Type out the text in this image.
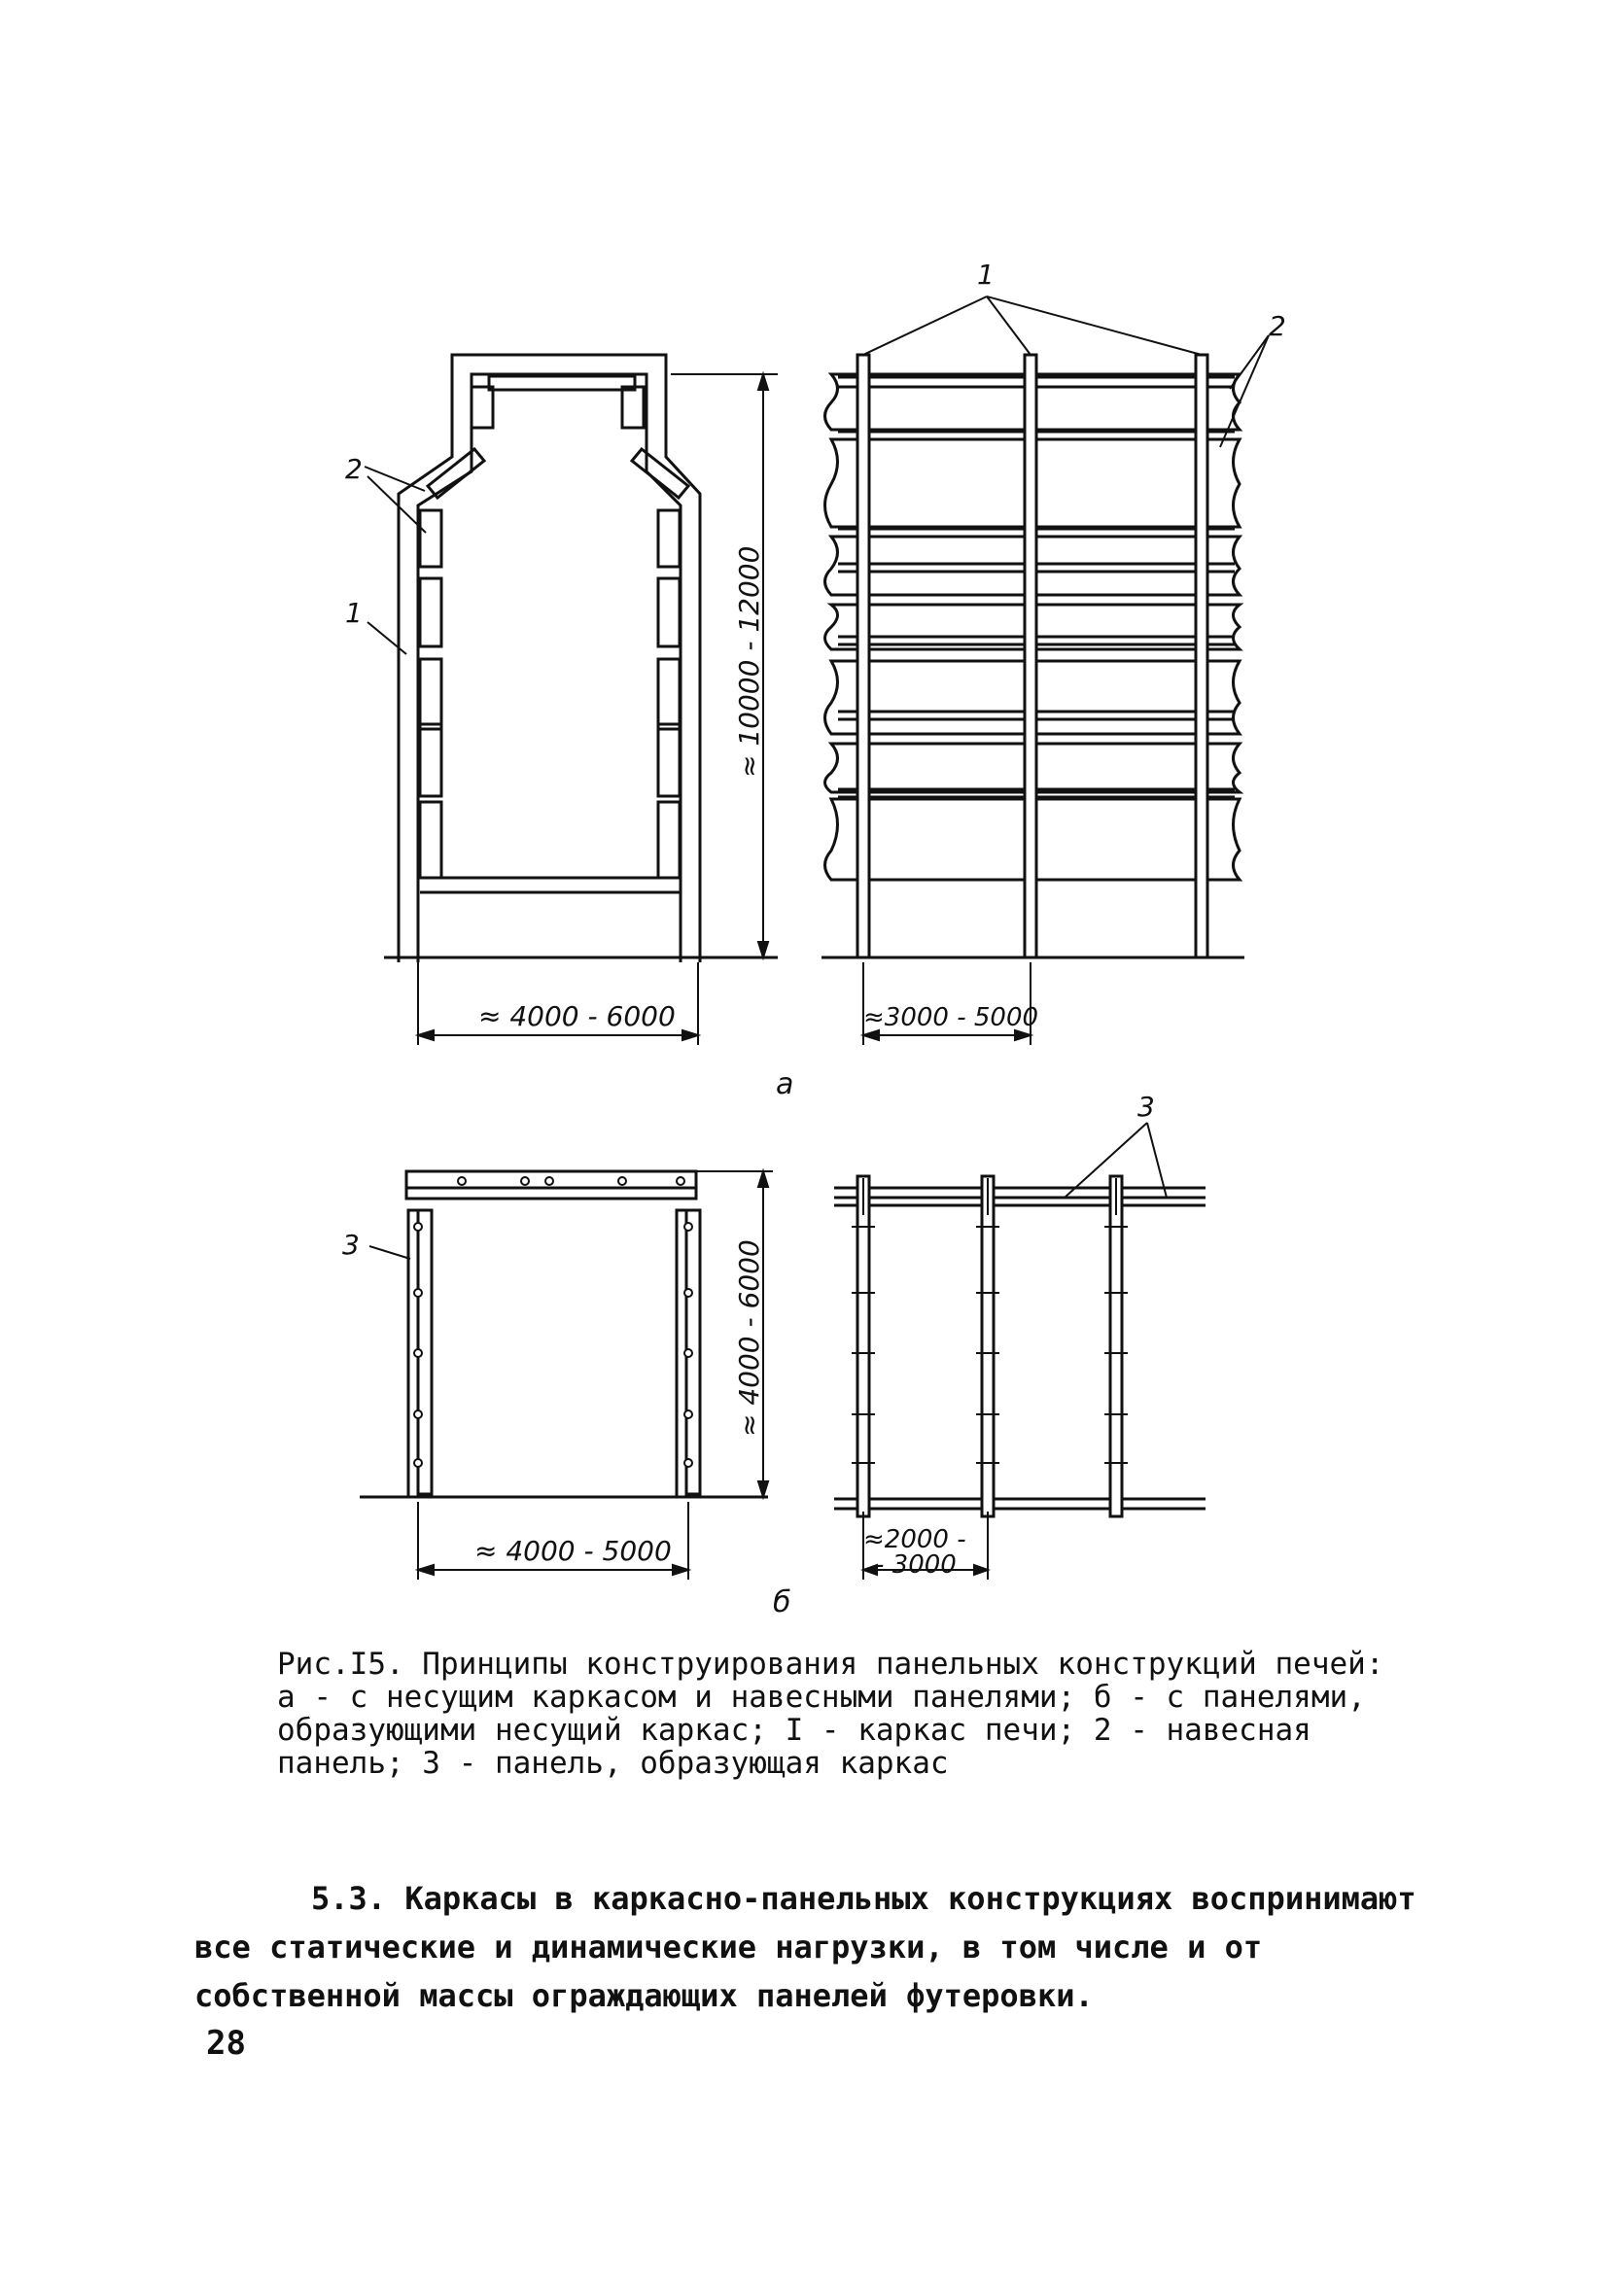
2
1
≈ 4000 - 6000
≈ 10000 - 12000
1
2
≈3000 - 5000
а
3
≈ 4000 - 5000
≈ 4000 - 6000
3
≈2000 -
- 3000
б

Рис.I5. Принципы конструирования панельных конструкций печей: а - с несущим каркасом и навесными панелями; б - с панелями, образующими несущий каркас; I - каркас печи; 2 - навесная панель; 3 - панель, образующая каркас

5.3. Каркасы в каркасно-панельных конструкциях воспринимают все статические и динамические нагрузки, в том числе и от собственной массы ограждающих панелей футеровки.

28
